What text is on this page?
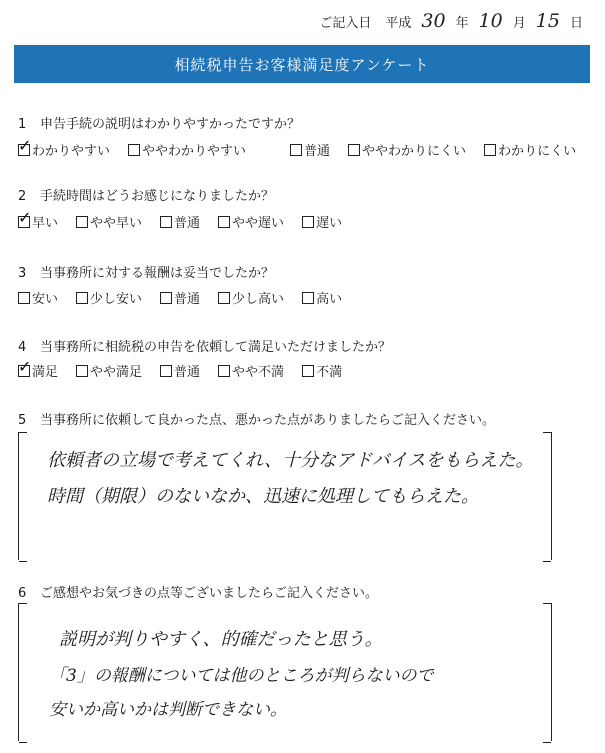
ご記入日 平成 30 年 10 月 15 日
相続税申告お客様満足度アンケート
1 申告手続の説明はわかりやすかったですか？
✓
わかりやすい ややわかりやすい	普通 ややわかりにくい わかりにくい
2 手続時間はどうお感じになりましたか？
✓
早い やや早い 普通 やや遅い 遅い
3 当事務所に対する報酬は妥当でしたか？
安い 少し安い 普通 少し高い 高い
4 当事務所に相続税の申告を依頼して満足いただけましたか？
✓
満足 やや満足 普通 やや不満 不満
5 当事務所に依頼して良かった点、悪かった点がありましたらご記入ください。
依頼者の立場で考えてくれ、十分なアドバイスをもらえた。
時間（期限）のないなか、迅速に処理してもらえた。
6 ご感想やお気づきの点等ございましたらご記入ください。
説明が判りやすく、的確だったと思う。
「3」の報酬については他のところが判らないので
安いか高いかは判断できない。
